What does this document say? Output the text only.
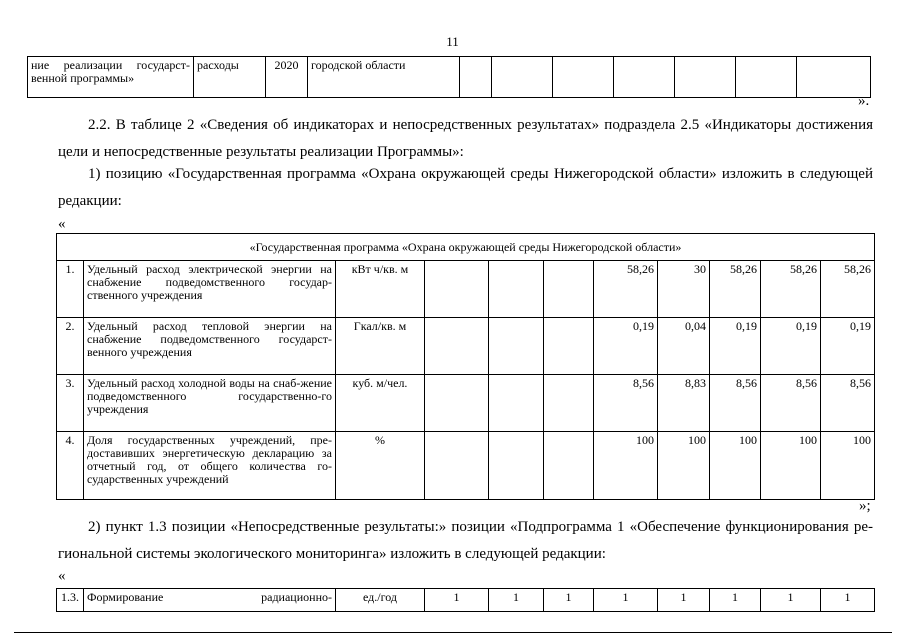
11
ние реализации государст-венной программы»	расходы	2020	городской области							
».
2.2. В таблице 2 «Сведения об индикаторах и непосредственных результатах» подраздела 2.5 «Индикаторы достижения цели и непосредственные результаты реализации Программы»:
1) позицию «Государственная программа «Охрана окружающей среды Нижегородской области» изложить в следующей редакции:
«
«Государственная программа «Охрана окружающей среды Нижегородской области»										
1.	Удельный расход электрической энергии на снабжение подведомственного государ-ственного учреждения	кВт ч/кв. м				58,26	30	58,26	58,26	58,26
2.	Удельный расход тепловой энергии на снабжение подведомственного государст-венного учреждения	Гкал/кв. м				0,19	0,04	0,19	0,19	0,19
3.	Удельный расход холодной воды на снаб-жение подведомственного государственно-го учреждения	куб. м/чел.				8,56	8,83	8,56	8,56	8,56
4.	Доля государственных учреждений, пре-доставивших энергетическую декларацию за отчетный год, от общего количества го-сударственных учреждений	%				100	100	100	100	100
»;
2) пункт 1.3 позиции «Непосредственные результаты:» позиции «Подпрограмма 1 «Обеспечение функционирования ре-гиональной системы экологического мониторинга» изложить в следующей редакции:
«
1.3.	Формирование	радиационно-	ед./год	1	1	1	1	1	1	1	1
